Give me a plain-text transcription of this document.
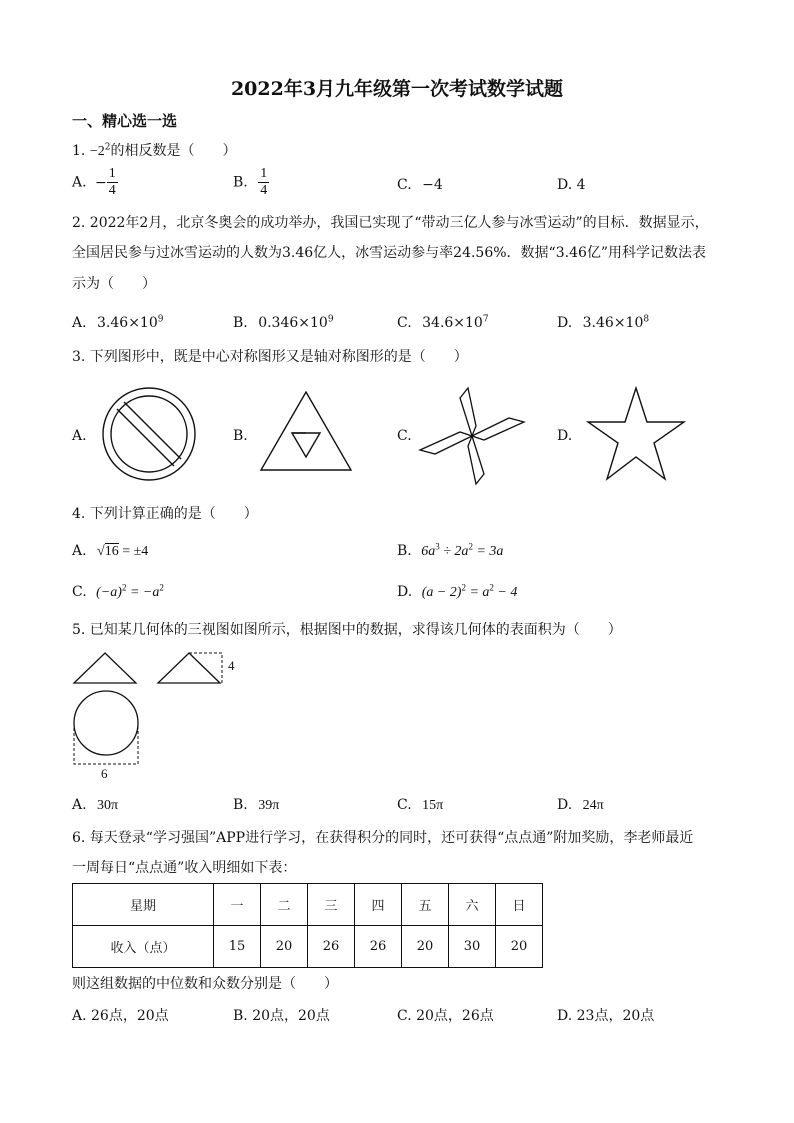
2022年3月九年级第一次考试数学试题
一、精心选一选
1. $-2^2$的相反数是（　　）
A. − $\frac{1}{4}$	B. $\frac{1}{4}$	C. −4	D. 4
2. 2022年2月，北京冬奥会的成功举办，我国已实现了“带动三亿人参与冰雪运动”的目标．数据显示，
全国居民参与过冰雪运动的人数为3.46亿人，冰雪运动参与率24.56%．数据“3.46亿”用科学记数法表
示为（　　）
A. $3.46\times 10^9$	B. $0.346\times 10^9$	C. $34.6\times 10^7$	D. $3.46\times 10^8$
3. 下列图形中，既是中心对称图形又是轴对称图形的是（　　）
A.	B.	C.	D.
4. 下列计算正确的是（　　）
A. √16 = ±4	B. $6a^3 \div 2a^2 = 3a$
C. $(-a)^2 = -a^2$	D. $(a - 2)^2 = a^2 - 4$
5. 已知某几何体的三视图如图所示，根据图中的数据，求得该几何体的表面积为（　　）
4
6
A. 30π	B. 39π	C. 15π	D. 24π
6. 每天登录“学习强国”APP进行学习，在获得积分的同时，还可获得“点点通”附加奖励，李老师最近
一周每日“点点通”收入明细如下表：
星期	一	二	三	四	五	六	日
收入（点）	15	20	26	26	20	30	20
则这组数据的中位数和众数分别是（　　）
A. 26点，20点	B. 20点，20点	C. 20点，26点	D. 23点，20点
